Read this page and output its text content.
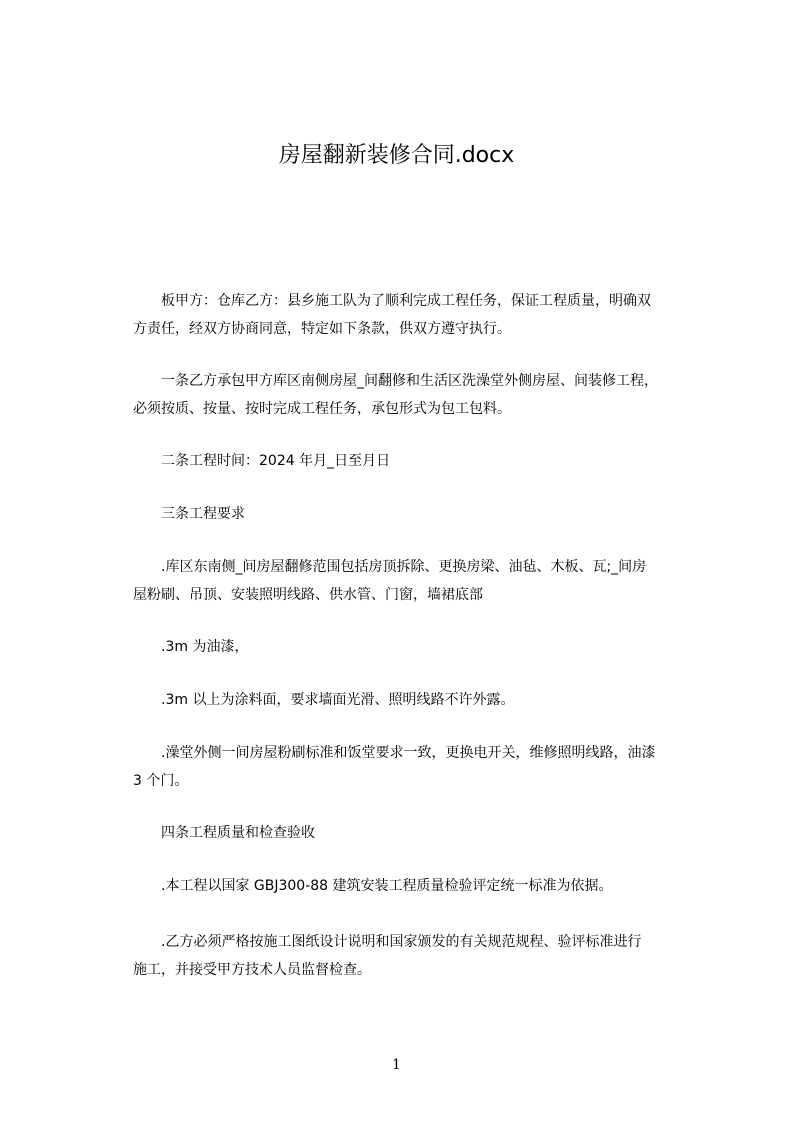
房屋翻新装修合同.docx
　　板甲方：仓库乙方：县乡施工队为了顺利完成工程任务，保证工程质量，明确双
方责任，经双方协商同意，特定如下条款，供双方遵守执行。
　　一条乙方承包甲方库区南侧房屋_间翻修和生活区洗澡堂外侧房屋、间装修工程，
必须按质、按量、按时完成工程任务，承包形式为包工包料。
　　二条工程时间：2024 年月_日至月日
　　三条工程要求
　　.库区东南侧_间房屋翻修范围包括房顶拆除、更换房梁、油毡、木板、瓦;_间房
屋粉刷、吊顶、安装照明线路、供水管、门窗，墙裙底部
　　.3m 为油漆，
　　.3m 以上为涂料面，要求墙面光滑、照明线路不许外露。
　　.澡堂外侧一间房屋粉刷标准和饭堂要求一致，更换电开关，维修照明线路，油漆
3 个门。
　　四条工程质量和检查验收
　　.本工程以国家 GBJ300-88 建筑安装工程质量检验评定统一标准为依据。
　　.乙方必须严格按施工图纸设计说明和国家颁发的有关规范规程、验评标准进行
施工，并接受甲方技术人员监督检查。
1
